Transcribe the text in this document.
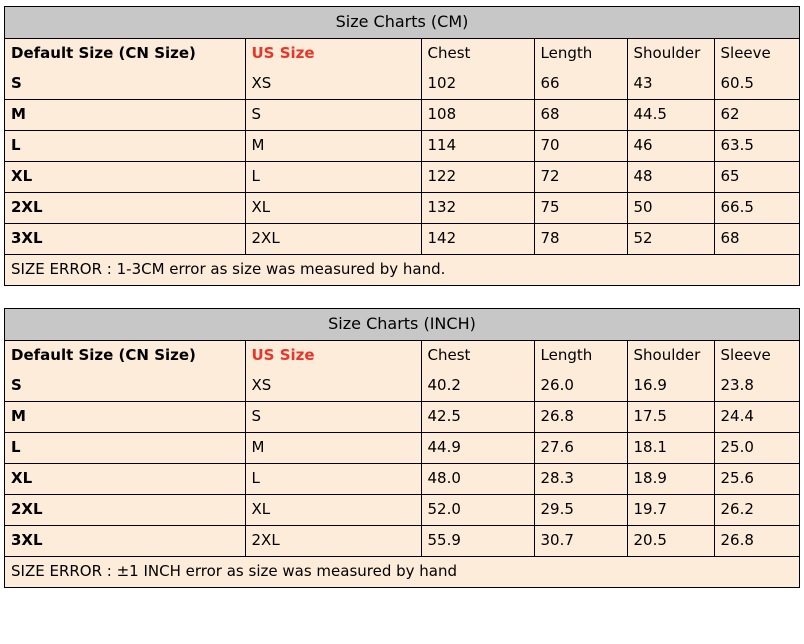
Size Charts (CM)
Default Size (CN Size)	US Size	Chest	Length	Shoulder	Sleeve
S	XS	102	66	43	60.5
M	S	108	68	44.5	62
L	M	114	70	46	63.5
XL	L	122	72	48	65
2XL	XL	132	75	50	66.5
3XL	2XL	142	78	52	68
SIZE ERROR : 1-3CM error as size was measured by hand.					
Size Charts (INCH)
Default Size (CN Size)	US Size	Chest	Length	Shoulder	Sleeve
S	XS	40.2	26.0	16.9	23.8
M	S	42.5	26.8	17.5	24.4
L	M	44.9	27.6	18.1	25.0
XL	L	48.0	28.3	18.9	25.6
2XL	XL	52.0	29.5	19.7	26.2
3XL	2XL	55.9	30.7	20.5	26.8
SIZE ERROR : ±1 INCH error as size was measured by hand					
